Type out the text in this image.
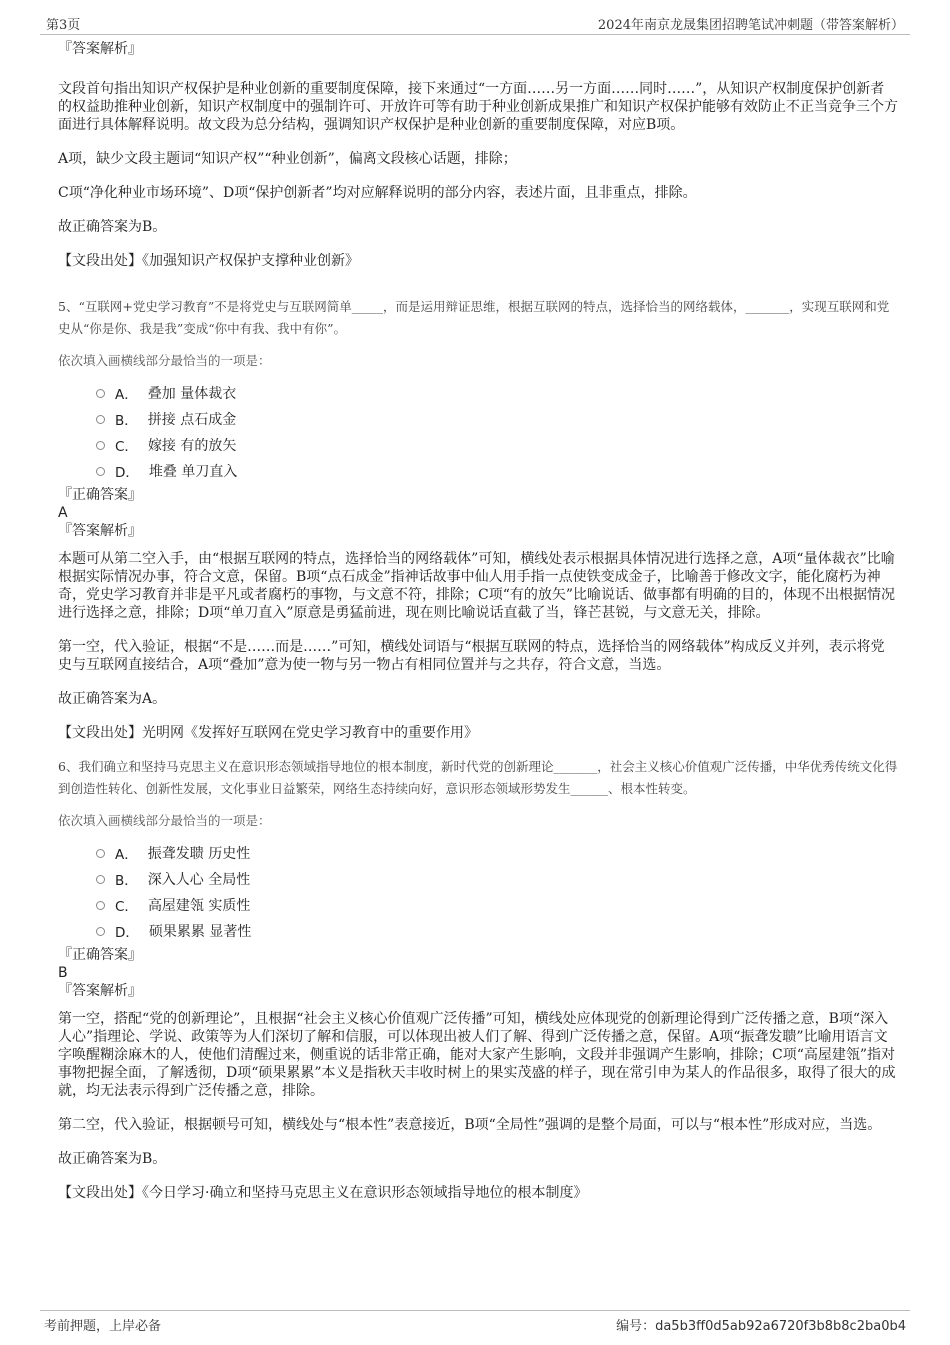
第3页	2024年南京龙晟集团招聘笔试冲刺题（带答案解析）

『答案解析』

文段首句指出知识产权保护是种业创新的重要制度保障，接下来通过“一方面……另一方面……同时……”，从知识产权制度保护创新者的权益助推种业创新，知识产权制度中的强制许可、开放许可等有助于种业创新成果推广和知识产权保护能够有效防止不正当竞争三个方面进行具体解释说明。故文段为总分结构，强调知识产权保护是种业创新的重要制度保障，对应B项。

A项，缺少文段主题词“知识产权”“种业创新”，偏离文段核心话题，排除；

C项“净化种业市场环境”、D项“保护创新者”均对应解释说明的部分内容，表述片面，且非重点，排除。

故正确答案为B。

【文段出处】《加强知识产权保护支撑种业创新》

5、“互联网+党史学习教育”不是将党史与互联网简单_____，而是运用辩证思维，根据互联网的特点，选择恰当的网络载体，_______，实现互联网和党史从“你是你、我是我”变成“你中有我、我中有你”。

依次填入画横线部分最恰当的一项是：

A． 叠加 量体裁衣
B． 拼接 点石成金
C． 嫁接 有的放矢
D． 堆叠 单刀直入

『正确答案』

A

『答案解析』

本题可从第二空入手，由“根据互联网的特点，选择恰当的网络载体”可知，横线处表示根据具体情况进行选择之意，A项“量体裁衣”比喻根据实际情况办事，符合文意，保留。B项“点石成金”指神话故事中仙人用手指一点使铁变成金子，比喻善于修改文字，能化腐朽为神奇，党史学习教育并非是平凡或者腐朽的事物，与文意不符，排除；C项“有的放矢”比喻说话、做事都有明确的目的，体现不出根据情况进行选择之意，排除；D项“单刀直入”原意是勇猛前进，现在则比喻说话直截了当，锋芒甚锐，与文意无关，排除。

第一空，代入验证，根据“不是……而是……”可知，横线处词语与“根据互联网的特点，选择恰当的网络载体”构成反义并列，表示将党史与互联网直接结合，A项“叠加”意为使一物与另一物占有相同位置并与之共存，符合文意，当选。

故正确答案为A。

【文段出处】光明网《发挥好互联网在党史学习教育中的重要作用》

6、我们确立和坚持马克思主义在意识形态领域指导地位的根本制度，新时代党的创新理论_______，社会主义核心价值观广泛传播，中华优秀传统文化得到创造性转化、创新性发展，文化事业日益繁荣，网络生态持续向好，意识形态领域形势发生______、根本性转变。

依次填入画横线部分最恰当的一项是：

A． 振聋发聩 历史性
B． 深入人心 全局性
C． 高屋建瓴 实质性
D． 硕果累累 显著性

『正确答案』

B

『答案解析』

第一空，搭配“党的创新理论”，且根据“社会主义核心价值观广泛传播”可知，横线处应体现党的创新理论得到广泛传播之意，B项“深入人心”指理论、学说、政策等为人们深切了解和信服，可以体现出被人们了解、得到广泛传播之意，保留。A项“振聋发聩”比喻用语言文字唤醒糊涂麻木的人，使他们清醒过来，侧重说的话非常正确，能对大家产生影响，文段并非强调产生影响，排除；C项“高屋建瓴”指对事物把握全面，了解透彻，D项“硕果累累”本义是指秋天丰收时树上的果实茂盛的样子，现在常引申为某人的作品很多，取得了很大的成就，均无法表示得到广泛传播之意，排除。

第二空，代入验证，根据顿号可知，横线处与“根本性”表意接近，B项“全局性”强调的是整个局面，可以与“根本性”形成对应，当选。

故正确答案为B。

【文段出处】《今日学习·确立和坚持马克思主义在意识形态领域指导地位的根本制度》

考前押题，上岸必备	编号：da5b3ff0d5ab92a6720f3b8b8c2ba0b4
